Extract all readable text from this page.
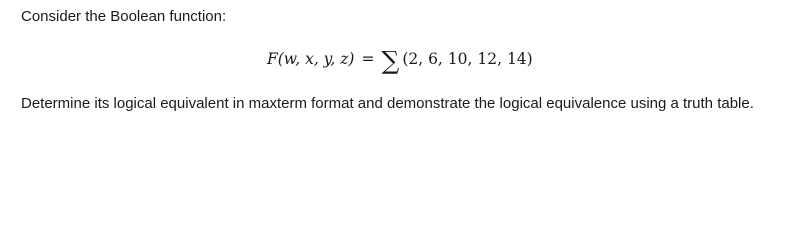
Consider the Boolean function:
F(w, x, y, z) = ∑ (2, 6, 10, 12, 14)
Determine its logical equivalent in maxterm format and demonstrate the logical equivalence using a truth table.
